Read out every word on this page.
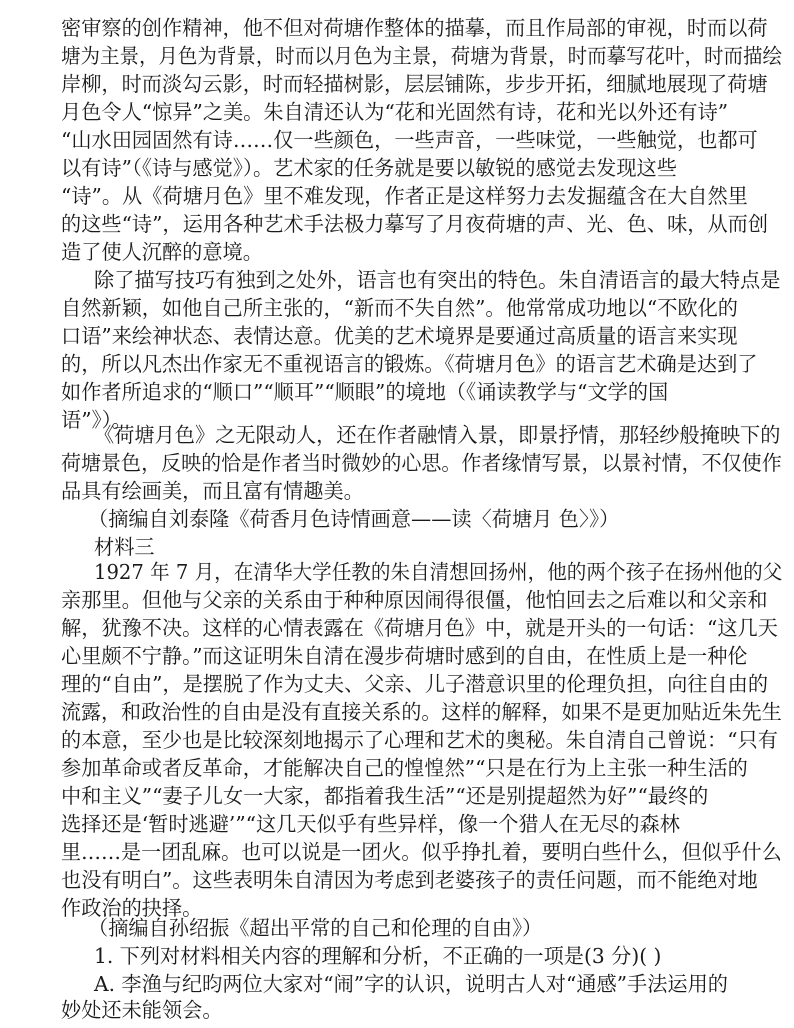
密审察的创作精神，他不但对荷塘作整体的描摹，而且作局部的审视，时而以荷
塘为主景，月色为背景，时而以月色为主景，荷塘为背景，时而摹写花叶，时而描绘
岸柳，时而淡勾云影，时而轻描树影，层层铺陈，步步开拓，细腻地展现了荷塘
月色令人“惊异”之美。朱自清还认为“花和光固然有诗，花和光以外还有诗”
“山水田园固然有诗……仅一些颜色，一些声音，一些味觉，一些触觉，也都可
以有诗”（《诗与感觉》）。艺术家的任务就是要以敏锐的感觉去发现这些
“诗”。从《荷塘月色》里不难发现，作者正是这样努力去发掘蕴含在大自然里
的这些“诗”，运用各种艺术手法极力摹写了月夜荷塘的声、光、色、味，从而创
造了使人沉醉的意境。
除了描写技巧有独到之处外，语言也有突出的特色。朱自清语言的最大特点是
自然新颖，如他自己所主张的，“新而不失自然”。他常常成功地以“不欧化的
口语”来绘神状态、表情达意。优美的艺术境界是要通过高质量的语言来实现
的，所以凡杰出作家无不重视语言的锻炼。《荷塘月色》的语言艺术确是达到了
如作者所追求的“顺口”“顺耳”“顺眼”的境地（《诵读教学与“文学的国
语”》）。
《荷塘月色》之无限动人，还在作者融情入景，即景抒情，那轻纱般掩映下的
荷塘景色，反映的恰是作者当时微妙的心思。作者缘情写景，以景衬情，不仅使作
品具有绘画美，而且富有情趣美。
（摘编自刘泰隆《荷香月色诗情画意——读〈荷塘月 色〉》）
材料三
1927 年 7 月，在清华大学任教的朱自清想回扬州，他的两个孩子在扬州他的父
亲那里。但他与父亲的关系由于种种原因闹得很僵，他怕回去之后难以和父亲和
解，犹豫不决。这样的心情表露在《荷塘月色》中，就是开头的一句话：“这几天
心里颇不宁静。”而这证明朱自清在漫步荷塘时感到的自由，在性质上是一种伦
理的“自由”，是摆脱了作为丈夫、父亲、儿子潜意识里的伦理负担，向往自由的
流露，和政治性的自由是没有直接关系的。这样的解释，如果不是更加贴近朱先生
的本意，至少也是比较深刻地揭示了心理和艺术的奥秘。朱自清自己曾说：“只有
参加革命或者反革命，才能解决自己的惶惶然”“只是在行为上主张一种生活的
中和主义”“妻子儿女一大家，都指着我生活”“还是别提超然为好”“最终的
选择还是‘暂时逃避’”“这几天似乎有些异样，像一个猎人在无尽的森林
里……是一团乱麻。也可以说是一团火。似乎挣扎着，要明白些什么，但似乎什么
也没有明白”。这些表明朱自清因为考虑到老婆孩子的责任问题，而不能绝对地
作政治的抉择。
（摘编自孙绍振《超出平常的自己和伦理的自由》）
1. 下列对材料相关内容的理解和分析，不正确的一项是(3 分)( )
A. 李渔与纪昀两位大家对“闹”字的认识，说明古人对“通感”手法运用的
妙处还未能领会。
